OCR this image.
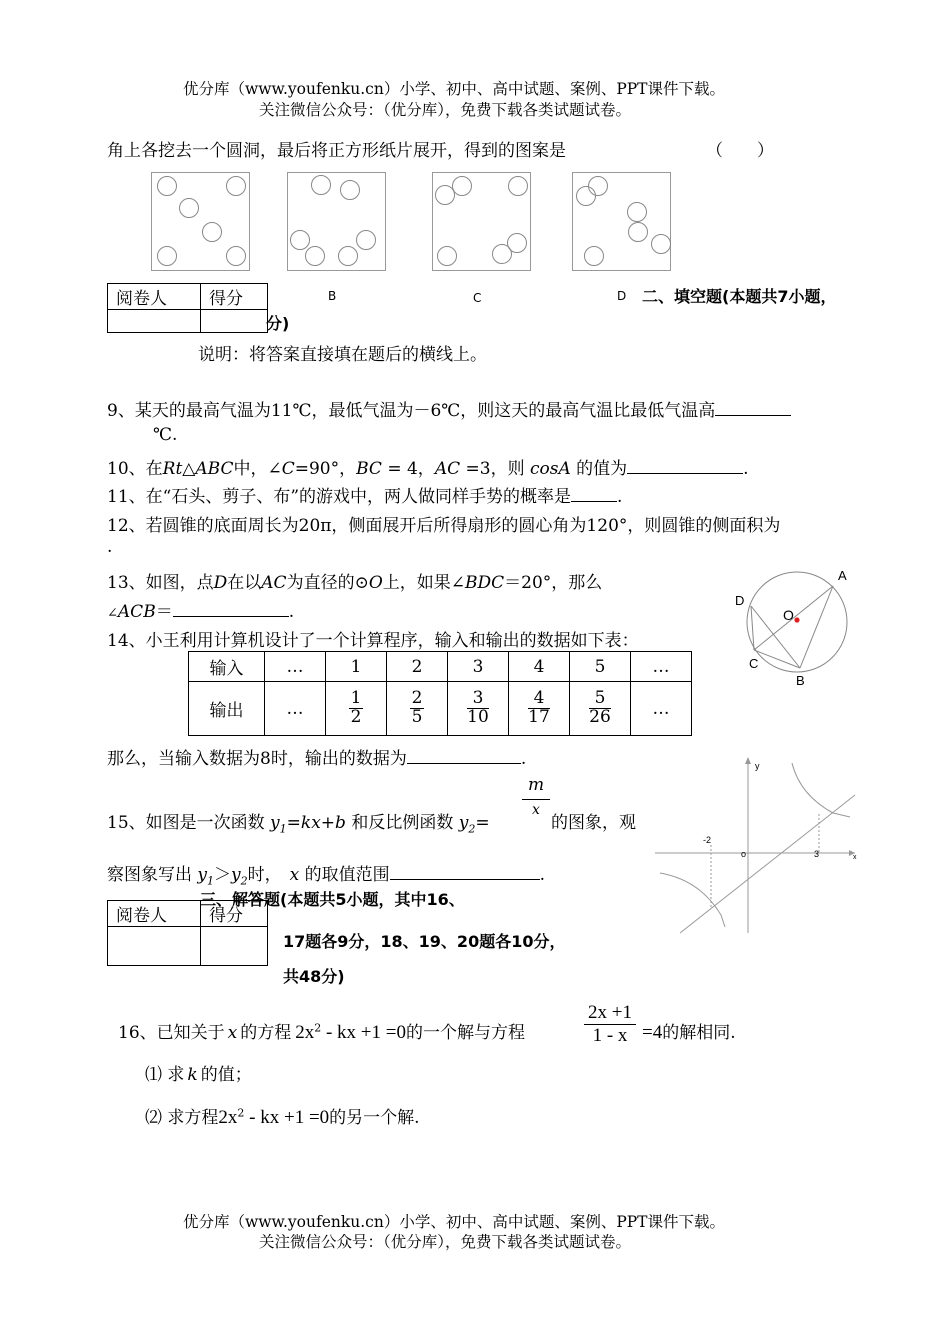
优分库（www.youfenku.cn）小学、初中、高中试题、案例、PPT课件下载。
关注微信公众号：（优分库），免费下载各类试题试卷。
角上各挖去一个圆洞，最后将正方形纸片展开，得到的图案是	（　　）
B	C	D
阅卷人	得分
		二、填空题(本题共7小题，
分)
说明：将答案直接填在题后的横线上。
9、某天的最高气温为11℃，最低气温为－6℃，则这天的最高气温比最低气温高
℃.
10、在Rt△ABC中，∠C=90°，BC = 4，AC =3，则 cosA 的值为	.
11、在“石头、剪子、布”的游戏中，两人做同样手势的概率是	.
12、若圆锥的底面周长为20π，侧面展开后所得扇形的圆心角为120°，则圆锥的侧面积为
.
13、如图，点D在以AC为直径的⊙O上，如果∠BDC＝20°，那么
∠ACB＝	.
A
D
O
C
B
14、小王利用计算机设计了一个计算程序，输入和输出的数据如下表：
输入	…	1	2	3	4	5	…
输出	…	$\frac{1}{2}$	$\frac{2}{5}$	$\frac{3}{10}$	$\frac{4}{17}$	$\frac{5}{26}$	…
那么，当输入数据为8时，输出的数据为	.
15、如图是一次函数 $y_1=kx+b$ 和反比例函数 $y_2=$
m
x
的图象，观
察图象写出 $y_1>y_2$时， x 的取值范围	.
y
x
o
-2
3
阅卷人	得分

三、解答题(本题共5小题，其中16、
17题各9分，18、19、20题各10分，
共48分)
16、已知关于 x 的方程 $2x^2$ - kx +1 =0的一个解与方程
2x +1
1 - x =4的解相同.
⑴ 求 k 的值；
⑵ 求方程$2x^2$ - kx +1 =0的另一个解.
优分库（www.youfenku.cn）小学、初中、高中试题、案例、PPT课件下载。
关注微信公众号：（优分库），免费下载各类试题试卷。
